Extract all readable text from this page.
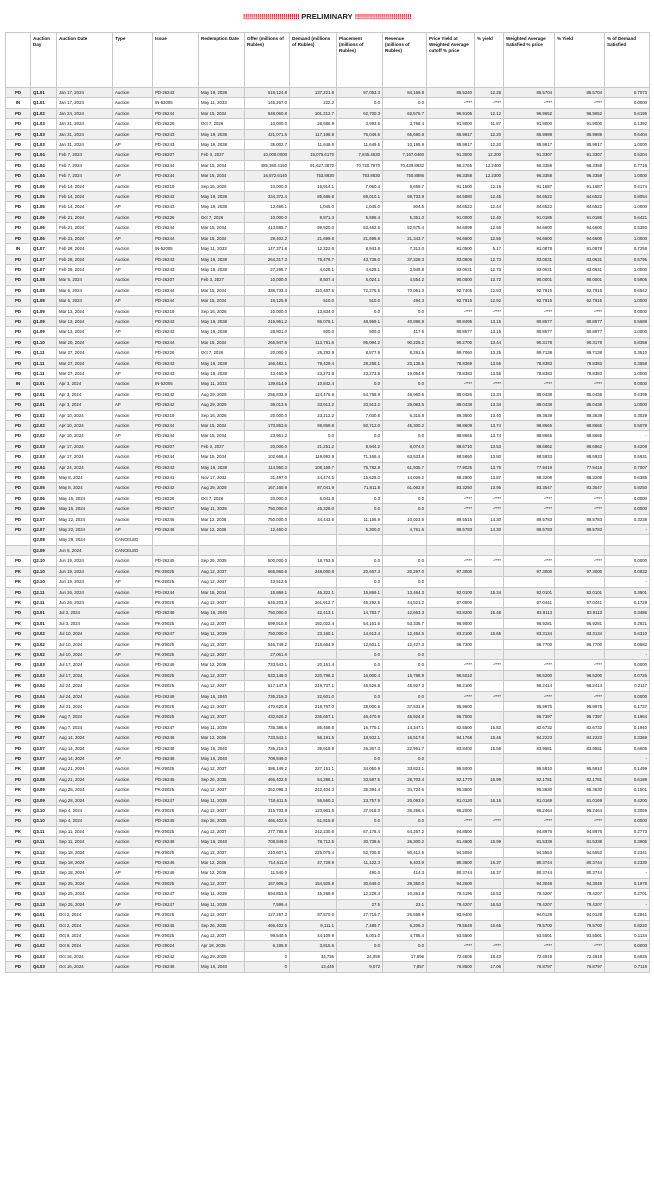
‼‼‼‼‼‼‼‼‼‼‼‼‼‼ PRELIMINARY ‼‼‼‼‼‼‼‼‼‼‼‼‼‼
	Auction Day	Auction Date	Type	Issue	Redemption Date	Offer (millions of Rubles)	Demand (millions of Rubles)	Placement (millions of Rubles)	Revenue (millions of Rubles)	Price Yield at Weighted Average cutoff % price	% yield	Weighted Average Satisfied % price	% Yield	% of Demand Satisfied
PD	Q1.01	Jan 17, 2024	Auction	PD-26243	May 19, 2038	518,124.8	137,221.8	97,053.3	84,169.8	85.5240	12.28	85.5704	85.5704	0.7073
IN	Q1.01	Jan 17, 2024	Auction	IN-52005	May 11, 2033	145,267.0	222.2	0.0	0.0	-****	-****	-****	-****	0.0000
PD	Q1.02	Jan 24, 2024	Auction	PD-26244	Mar 15, 2034	548,060.8	101,212.7	62,700.3	62,575.7	96.9105	12.12	96.9652	96.9652	0.6195
PD	Q1.03	Jan 31, 2024	Auction	PD-26226	Oct 7, 2026	10,000.0	28,686.9	3,993.6	3,768.4	91.9000	11.87	91.9000	91.9000	0.1392
PD	Q1.03	Jan 31, 2024	Auction	PD-26243	May 19, 2038	421,071.5	117,196.9	75,049.6	65,690.8	85.9917	12.20	85.9989	85.9989	0.6404
PD	Q1.03	Jan 31, 2024	AP	PD-26243	May 19, 2038	35,002.7	11,649.5	11,649.5	10,195.9	85.9917	12.20	85.9917	85.9917	1.0000
PD	Q1.04	Feb 7, 2024	Auction	PD-26207	Feb 3, 2027	10,000.0000	15,075.6170	7,845.4630	7,167.0460	91.3000	12.200	91.3307	91.3307	0.5204
PD	Q1.04	Feb 7, 2024	Auction	PD-26244	Mar 15, 2034	485,360.4150	91,627.3870	70,720.7970	70,439.8832	96.2765	12.2400	96.3358	96.3358	0.7718
PD	Q1.04	Feb 7, 2024	AP	PD-26244	Mar 15, 2034	16,872.6140	753.8830	753.8830	750.8886	96.3358	12.2300	96.3358	96.3358	1.0000
PD	Q1.05	Feb 14, 2024	Auction	PD-26219	Sep 16, 2026	10,000.0	16,914.1	7,060.4	6,658.7	91.1500	12.16	91.1687	91.1687	0.4174
PD	Q1.05	Feb 14, 2024	Auction	PD-26243	May 19, 2038	334,372.4	85,686.8	69,010.1	59,733.9	84.5880	12.45	84.6522	84.6522	0.8054
PD	Q1.05	Feb 14, 2024	AP	PD-26243	May 19, 2038	13,466.1	1,045.0	1,045.0	904.5	84.6522	12.44	84.6522	84.6522	1.0000
PD	Q1.06	Feb 21, 2024	Auction	PD-26226	Oct 7, 2026	10,000.0	8,871.3	5,696.4	5,351.0	91.0000	12.40	91.0185	91.0185	0.6421
PD	Q1.06	Feb 21, 2024	Auction	PD-26244	Mar 15, 2034	413,885.7	99,920.0	53,452.6	52,575.4	94.6599	12.55	94.6600	94.6600	0.5350
PD	Q1.06	Feb 21, 2024	AP	PD-26244	Mar 15, 2034	28,402.2	21,699.8	21,699.8	21,343.7	94.6600	12.55	94.6600	94.6600	1.0000
IN	Q1.07	Feb 28, 2024	Auction	IN-52005	May 11, 2033	147,371.8	12,322.6	8,943.8	7,313.0	81.0500	5.17	81.0878	81.0878	0.7258
PD	Q1.07	Feb 28, 2024	Auction	PD-26243	May 19, 2038	264,317.3	75,476.7	43,738.0	37,328.3	83.0606	12.73	83.0631	83.0631	0.5795
PD	Q1.07	Feb 28, 2024	AP	PD-26243	May 19, 2038	27,296.7	4,628.1	4,628.1	3,949.8	83.0631	12.73	83.0631	83.0631	1.0000
PD	Q1.08	Mar 6, 2024	Auction	PD-26207	Feb 3, 2027	10,000.0	8,507.4	5,024.1	4,554.2	90.0000	12.72	90.0001	90.0001	0.5906
PD	Q1.08	Mar 6, 2024	Auction	PD-26244	Mar 15, 2034	338,733.4	110,487.5	72,275.5	70,051.3	92.7405	12.93	92.7915	92.7915	0.6542
PD	Q1.08	Mar 6, 2024	AP	PD-26244	Mar 15, 2034	18,125.9	510.0	510.0	494.3	92.7915	12.92	92.7915	92.7915	1.0000
PD	Q1.09	Mar 13, 2024	Auction	PD-26219	Sep 16, 2026	10,000.0	13,834.0	0.0	0.0	-****	-****	-****	-****	0.0000
PD	Q1.09	Mar 13, 2024	Auction	PD-26243	May 19, 2038	215,951.2	86,075.1	48,969.1	40,896.9	80.8495	13.15	80.8577	80.8577	0.5689
PD	Q1.09	Mar 13, 2024	AP	PD-26243	May 19, 2038	28,801.0	500.0	500.0	417.6	80.8577	13.15	80.8577	80.8577	1.0000
PD	Q1.10	Mar 20, 2024	Auction	PD-26244	Mar 15, 2034	265,947.8	113,781.6	95,094.2	90,225.2	90.2700	13.44	90.3178	90.3178	0.8358
PD	Q1.11	Mar 27, 2024	Auction	PD-26226	Oct 7, 2026	20,000.0	25,292.9	8,877.9	8,291.5	89.7060	13.25	89.7138	89.7138	0.3510
PD	Q1.11	Mar 27, 2024	Auction	PD-26243	May 19, 2038	166,482.1	79,429.4	28,258.1	23,135.5	78.8369	13.55	78.8383	78.8383	0.3558
PD	Q1.11	Mar 27, 2024	AP	PD-26243	May 19, 2038	43,460.9	23,273.8	23,273.8	19,054.8	78.8383	13.55	78.8383	78.8383	1.0000
IN	Q2.01	Apr 3, 2024	Auction	IN-52005	May 11, 2033	139,614.9	10,842.4	0.0	0.0	-****	-****	-****	-****	0.0000
PD	Q2.01	Apr 3, 2024	Auction	PD-26242	Aug 29, 2029	255,832.9	124,476.9	54,758.9	46,960.6	85.0426	13.34	85.0438	85.0438	0.4399
PD	Q2.01	Apr 3, 2024	AP	PD-26242	Aug 29, 2029	39,013.5	33,913.2	33,913.2	29,083.5	85.0438	13.34	85.0438	85.0438	1.0000
PD	Q2.02	Apr 10, 2024	Auction	PD-26219	Sep 16, 2026	20,000.0	23,212.2	7,030.8	6,315.8	89.3600	13.40	89.3639	89.3639	0.3029
PD	Q2.02	Apr 10, 2024	Auction	PD-26244	Mar 15, 2034	170,853.6	99,859.8	50,712.0	45,300.2	88.8609	13.74	88.8665	88.8665	0.5078
PD	Q2.02	Apr 10, 2024	AP	PD-26244	Mar 15, 2034	23,961.2	0.0	0.0	0.0	88.8665	13.74	88.8665	88.8665	-
PD	Q2.03	Apr 17, 2024	Auction	PD-26207	Feb 3, 2027	20,000.0	21,251.2	8,944.2	8,074.0	88.6710	13.53	88.6862	88.6862	0.4209
PD	Q2.03	Apr 17, 2024	Auction	PD-26244	Mar 15, 2034	102,666.4	119,992.9	71,169.4	63,533.8	88.5860	13.80	88.5933	88.5933	0.5931
PD	Q2.04	Apr 24, 2024	Auction	PD-26243	May 19, 2038	114,950.3	108,159.7	75,782.8	61,935.7	77.9025	13.75	77.9419	77.9419	0.7007
PD	Q2.05	May 8, 2024	Auction	PD-26241	Nov 17, 2032	31,497.0	24,474.5	15,628.0	14,029.2	88.2900	13.87	88.3208	88.3208	0.6385
PD	Q2.05	May 8, 2024	Auction	PD-26242	Aug 29, 2029	167,160.9	87,041.9	71,811.8	61,062.8	83.3250	13.95	83.3547	83.3547	0.8250
PD	Q2.06	May 15, 2024	Auction	PD-26226	Oct 7, 2026	20,000.0	6,041.8	0.0	0.0	-****	-****	-****	-****	0.0000
PD	Q2.06	May 15, 2024	Auction	PD-26247	May 11, 2039	750,000.0	45,328.0	0.0	0.0	-****	-****	-****	-****	0.0000
PD	Q2.07	May 22, 2024	Auction	PD-26246	Mar 12, 2036	750,000.0	34,443.6	11,156.9	10,023.5	89.5515	14.30	89.5783	89.5783	0.3239
PD	Q2.07	May 22, 2024	AP	PD-26246	Mar 12, 2036	12,460.0		5,300.0	4,761.6	89.5783	14.30	89.5783	89.5783	-
	Q2.08	May 29, 2024	CANCELED											
	Q2.09	Jun 5, 2024	CANCELED											
PD	Q2.10	Jun 19, 2024	Auction	PD-26245	Sep 26, 2035	500,000.0	18,763.5	0.0	0.0	-****	-****	-****	-****	0.0000
PK	Q2.10	Jun 19, 2024	Auction	PK-29025	Aug 12, 2037	665,860.6	248,000.8	20,657.3	20,297.0	97.3000		97.3000	97.3000	0.0833
PK	Q2.10	Jun 19, 2024	AP	PK-29025	Aug 12, 2037	43,512.6		0.0	0.0					-
PD	Q2.11	Jun 26, 2024	Auction	PD-26244	Mar 15, 2034	15,869.1	45,322.1	15,869.1	13,464.3	82.0100	15.34	82.0101	82.0101	0.3501
PK	Q2.11	Jun 26, 2024	Auction	PK-29025	Aug 12, 2037	645,203.3	261,912.7	45,292.5	44,521.2	97.0000		97.0441	97.0441	0.1729
PD	Q3.01	Jul 3, 2024	Auction	PD-26248	May 16, 2040	750,000.0	42,413.1	14,783.7	12,653.3	83.8200	15.48	83.9113	83.9113	0.3486
PK	Q3.01	Jul 3, 2024	Auction	PK-29025	Aug 12, 2037	599,910.8	192,022.4	54,161.6	53,335.7	96.9000		96.9281	96.9281	0.2821
PD	Q3.02	Jul 10, 2024	Auction	PD-26247	May 11, 2039	750,000.0	23,160.1	14,613.4	12,454.5	83.2100	15.65	83.3134	83.3134	0.6310
PK	Q3.02	Jul 10, 2024	Auction	PK-29025	Aug 12, 2037	545,749.2	216,664.9	12,601.1	12,427.3	96.7300		96.7700	96.7700	0.0582
PK	Q3.02	Jul 10, 2024	AP	PK-29025	Aug 12, 2037	27,061.6		0.0	0.0					-
PD	Q3.03	Jul 17, 2024	Auction	PD-26246	Mar 12, 2036	733,543.1	20,161.4	0.0	0.0	-****	-****	-****	-****	0.0000
PK	Q3.03	Jul 17, 2024	Auction	PK-29025	Aug 12, 2037	533,148.0	220,796.2	16,000.4	15,788.9	96.5010		96.5200	96.5200	0.0725
PK	Q3.04	Jul 24, 2024	Auction	PK-29025	Aug 12, 2037	517,147.6	219,737.1	46,526.8	45,927.3	96.2100		96.2414	96.2414	0.2117
PD	Q3.04	Jul 24, 2024	Auction	PD-26248	May 16, 2040	735,216.3	22,601.0	0.0	0.0	-****	-****	-****	-****	0.0000
PK	Q3.05	Jul 31, 2024	Auction	PK-29025	Aug 12, 2037	470,620.8	218,767.0	38,000.6	37,531.9	95.9600		95.9975	95.9975	0.1737
PK	Q3.06	Aug 7, 2024	Auction	PK-29025	Aug 12, 2037	432,620.2	236,657.1	46,470.9	45,924.8	95.7000		95.7397	95.7397	0.1964
PD	Q3.06	Aug 7, 2024	Auction	PD-26247	May 11, 2039	735,386.6	86,468.5	16,775.1	14,347.1	82.5500	15.82	82.6732	82.6732	0.1940
PD	Q3.07	Aug 14, 2024	Auction	PD-26246	Mar 12, 2036	733,543.1	56,191.5	18,932.1	16,517.8	84.1768	15.46	84.2223	84.2223	0.3369
PD	Q3.07	Aug 14, 2024	Auction	PD-26248	May 16, 2040	735,216.3	39,918.8	26,367.3	22,951.7	83.8400	15.56	83.9581	83.9581	0.6605
PD	Q3.07	Aug 14, 2024	AP	PD-26248	May 16, 2040	708,849.0		0.0	0.0					-
PK	Q3.08	Aug 21, 2024	Auction	PK-29025	Aug 12, 2037	386,149.2	227,151.1	34,050.9	33,823.1	95.5000		95.5810	95.5810	0.1499
PD	Q3.08	Aug 21, 2024	Auction	PD-26245	Sep 26, 2035	466,402.5	54,285.1	33,597.5	28,703.4	82.1770	15.99	82.1781	82.1781	0.6189
PK	Q3.09	Aug 28, 2024	Auction	PK-29025	Aug 12, 2037	352,098.3	242,404.3	36,394.4	34,724.6	95.3500		95.3630	95.3630	0.1501
PD	Q3.09	Aug 28, 2024	Auction	PD-26247	May 11, 2039	718,611.5	56,560.2	23,757.9	20,093.0	81.0120	16.16	81.0169	81.0169	0.4200
PK	Q3.10	Sep 4, 2024	Auction	PK-29025	Aug 12, 2037	315,703.9	123,961.5	37,918.3	36,266.4	95.2000		95.2464	95.2464	0.3059
PD	Q3.10	Sep 4, 2024	Auction	PD-26245	Sep 26, 2035	466,402.5	51,815.8	0.0	0.0	-****	-****	-****	-****	0.0000
PK	Q3.11	Sep 11, 2024	Auction	PK-29025	Aug 12, 2037	277,785.5	242,230.6	67,178.4	64,257.2	94.8500		94.8976	94.8976	0.2773
PD	Q3.11	Sep 11, 2024	Auction	PD-26248	May 16, 2040	708,849.0	78,712.5	30,738.6	26,300.2	81.4600	15.99	81.5338	81.5338	0.3905
PK	Q3.12	Sep 18, 2024	Auction	PK-29025	Aug 12, 2037	210,607.1	225,075.4	52,700.8	50,412.5	94.5050		94.5553	94.5553	0.2341
PD	Q3.12	Sep 18, 2024	Auction	PD-26246	Mar 12, 2036	714,611.0	47,729.9	11,122.3	9,403.9	80.3600	16.37	80.3744	80.3744	0.2330
PD	Q3.12	Sep 18, 2024	AP	PD-26246	Mar 12, 2036	11,540.0		490.0	414.3	80.3744	16.37	80.3744	80.3744	-
PK	Q3.13	Sep 25, 2024	Auction	PK-29025	Aug 12, 2037	157,906.3	154,925.8	30,649.0	29,350.0	94.2600		94.3048	94.3048	0.1978
PD	Q3.13	Sep 25, 2024	Auction	PD-26247	May 11, 2039	694,853.6	45,269.5	12,228.4	10,261.8	79.4196	16.53	79.4207	79.4207	0.2701
PD	Q3.13	Sep 25, 2024	AP	PD-26247	May 11, 2039	7,599.4		27.5	23.1	79.4207	16.53	79.4207	79.4207	-
PK	Q4.01	Oct 2, 2024	Auction	PK-29025	Aug 12, 2037	127,257.3	97,570.0	27,716.7	26,558.9	93.9400		94.0128	94.0128	0.2841
PD	Q4.01	Oct 2, 2024	Auction	PD-26245	Sep 26, 2035	466,402.5	9,111.1	7,489.7	6,206.3	79.5549	16.65	79.5700	79.5700	0.8220
PK	Q4.02	Oct 9, 2024	Auction	PK-29025	Aug 12, 2037	99,540.6	44,109.9	5,001.0	4,786.4	93.5500		93.5501	93.5501	0.1134
PD	Q4.02	Oct 9, 2024	Auction	PD-29024	Apr 18, 2035	6,195.9	3,815.6	0.0	0.0	-****	-****	-****	-****	0.0000
PD	Q4.03	Oct 16, 2024	Auction	PD-26242	Aug 29, 2029	0	34,736	24,059	17,696	72.4605	18.43	72.4919	72.4919	0.6926
PD	Q4.03	Oct 16, 2024	Auction	PD-26248	May 16, 2040	0	13,445	9,572	7,857	76.8500	17.06	76.8797	76.8797	0.7119
